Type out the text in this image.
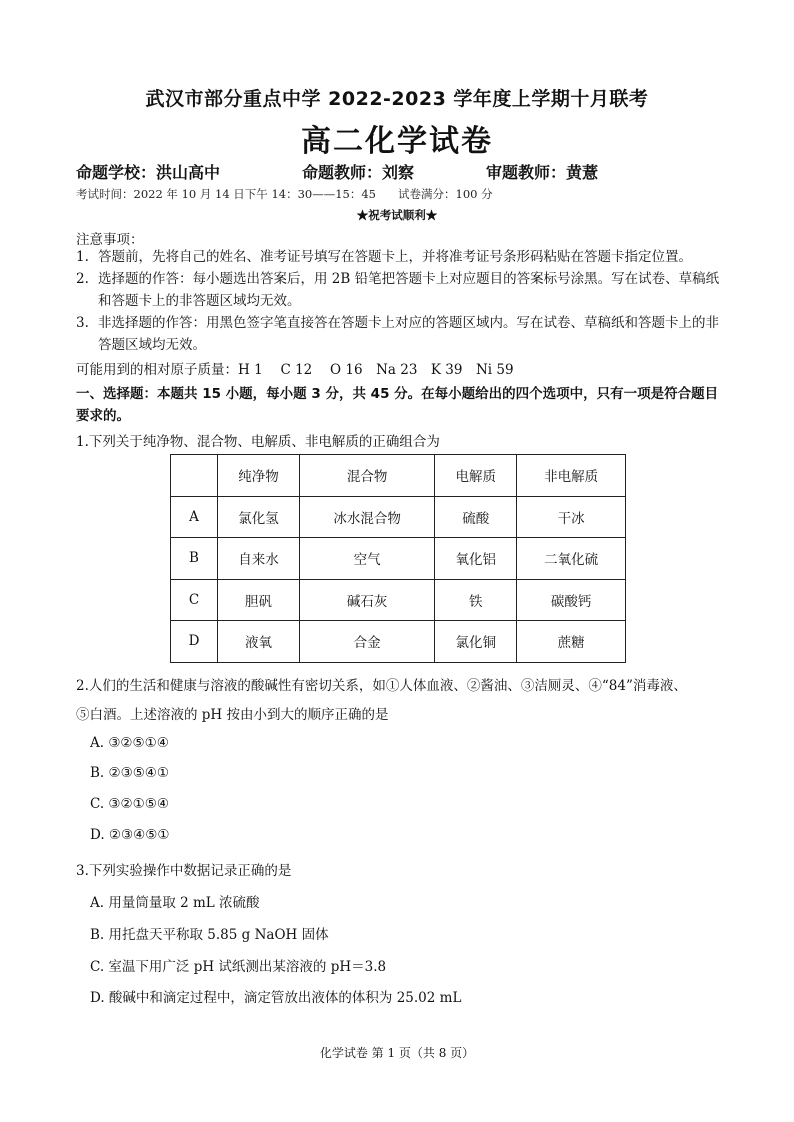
武汉市部分重点中学 2022-2023 学年度上学期十月联考
高二化学试卷
命题学校：洪山高中	命题教师：刘察	审题教师：黄薏
考试时间：2022 年 10 月 14 日下午 14：30——15：45 试卷满分：100 分
★祝考试顺利★
注意事项：
1. 答题前，先将自己的姓名、准考证号填写在答题卡上，并将准考证号条形码粘贴在答题卡指定位置。
2. 选择题的作答：每小题选出答案后，用 2B 铅笔把答题卡上对应题目的答案标号涂黑。写在试卷、草稿纸和答题卡上的非答题区域均无效。
3. 非选择题的作答：用黑色签字笔直接答在答题卡上对应的答题区域内。写在试卷、草稿纸和答题卡上的非答题区域均无效。
可能用到的相对原子质量：H 1　 C 12　 O 16　Na 23　K 39　Ni 59
一、选择题：本题共 15 小题，每小题 3 分，共 45 分。在每小题给出的四个选项中，只有一项是符合题目要求的。
1.下列关于纯净物、混合物、电解质、非电解质的正确组合为
	纯净物	混合物	电解质	非电解质
A	氯化氢	冰水混合物	硫酸	干冰
B	自来水	空气	氧化铝	二氧化硫
C	胆矾	碱石灰	铁	碳酸钙
D	液氧	合金	氯化铜	蔗糖
2.人们的生活和健康与溶液的酸碱性有密切关系，如①人体血液、②酱油、③洁厕灵、④“84”消毒液、
⑤白酒。上述溶液的 pH 按由小到大的顺序正确的是
A. ③②⑤①④
B. ②③⑤④①
C. ③②①⑤④
D. ②③④⑤①
3.下列实验操作中数据记录正确的是
A. 用量筒量取 2 mL 浓硫酸
B. 用托盘天平称取 5.85 g NaOH 固体
C. 室温下用广泛 pH 试纸测出某溶液的 pH＝3.8
D. 酸碱中和滴定过程中，滴定管放出液体的体积为 25.02 mL
化学试卷 第 1 页（共 8 页）
